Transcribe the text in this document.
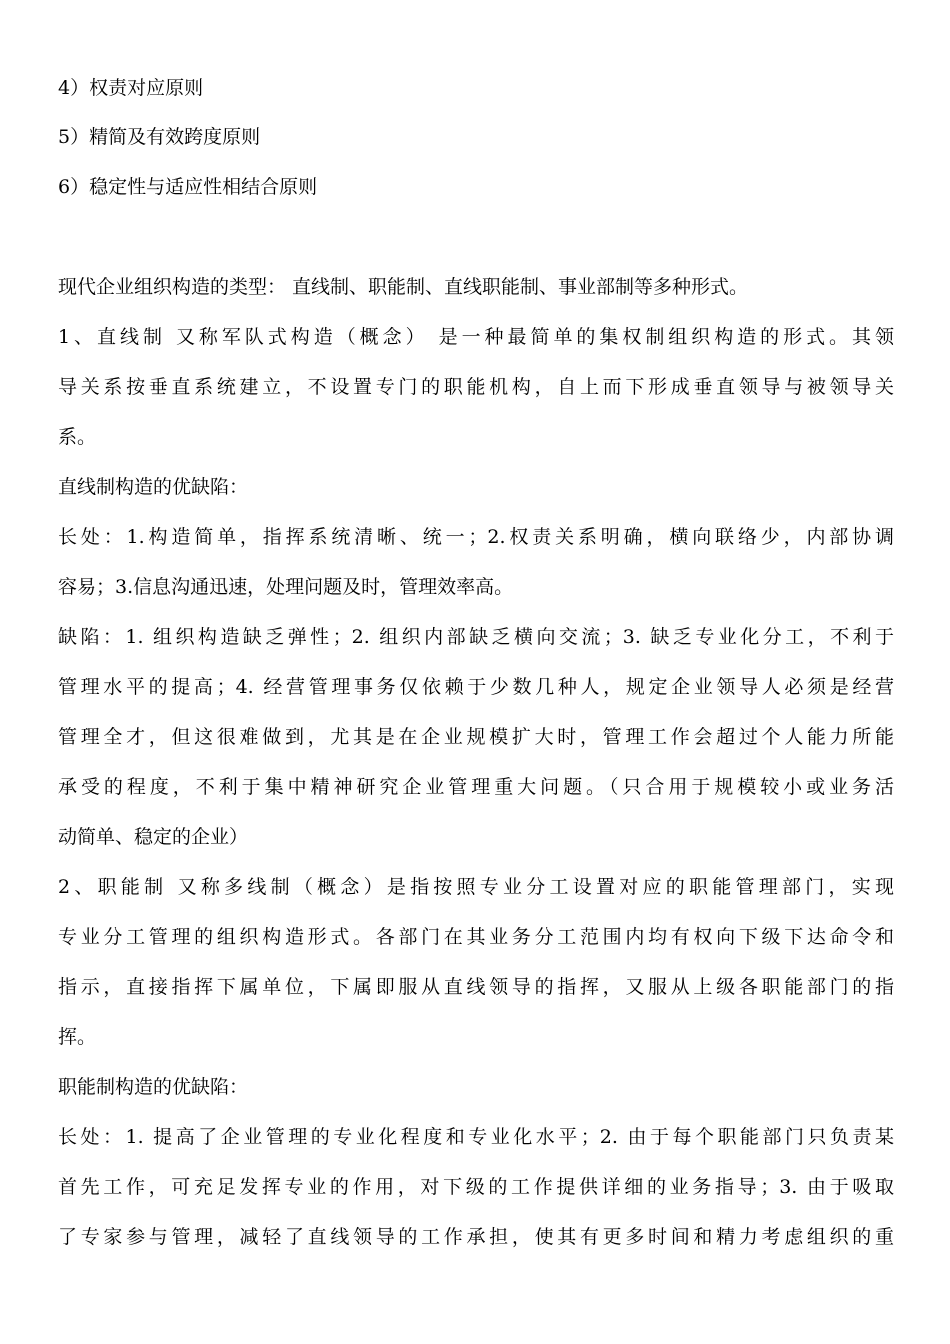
4）权责对应原则
5）精简及有效跨度原则
6）稳定性与适应性相结合原则
现代企业组织构造的类型： 直线制、职能制、直线职能制、事业部制等多种形式。
1、直线制 又称军队式构造（概念） 是一种最简单的集权制组织构造的形式。其领
导关系按垂直系统建立，不设置专门的职能机构，自上而下形成垂直领导与被领导关
系。
直线制构造的优缺陷：
长处：1.构造简单，指挥系统清晰、统一；2.权责关系明确，横向联络少，内部协调
容易；3.信息沟通迅速，处理问题及时，管理效率高。
缺陷：1. 组织构造缺乏弹性；2. 组织内部缺乏横向交流；3. 缺乏专业化分工，不利于
管理水平的提高；4. 经营管理事务仅依赖于少数几种人，规定企业领导人必须是经营
管理全才，但这很难做到，尤其是在企业规模扩大时，管理工作会超过个人能力所能
承受的程度，不利于集中精神研究企业管理重大问题。（只合用于规模较小或业务活
动简单、稳定的企业）
2、职能制 又称多线制（概念）是指按照专业分工设置对应的职能管理部门，实现
专业分工管理的组织构造形式。各部门在其业务分工范围内均有权向下级下达命令和
指示，直接指挥下属单位，下属即服从直线领导的指挥，又服从上级各职能部门的指
挥。
职能制构造的优缺陷：
长处：1. 提高了企业管理的专业化程度和专业化水平；2. 由于每个职能部门只负责某
首先工作，可充足发挥专业的作用，对下级的工作提供详细的业务指导；3. 由于吸取
了专家参与管理，减轻了直线领导的工作承担，使其有更多时间和精力考虑组织的重
